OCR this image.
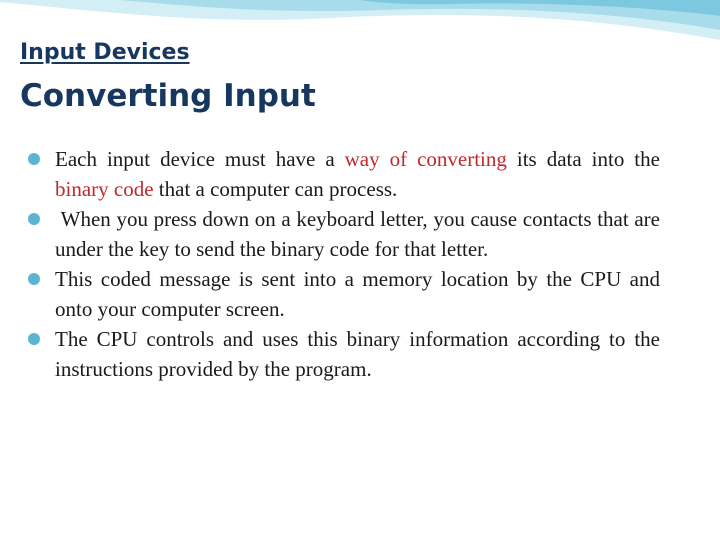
Input Devices
Converting Input
Each input device must have a way of converting its data into the binary code that a computer can process.
When you press down on a keyboard letter, you cause contacts that are under the key to send the binary code for that letter.
This coded message is sent into a memory location by the CPU and onto your computer screen.
The CPU controls and uses this binary information according to the instructions provided by the program.
